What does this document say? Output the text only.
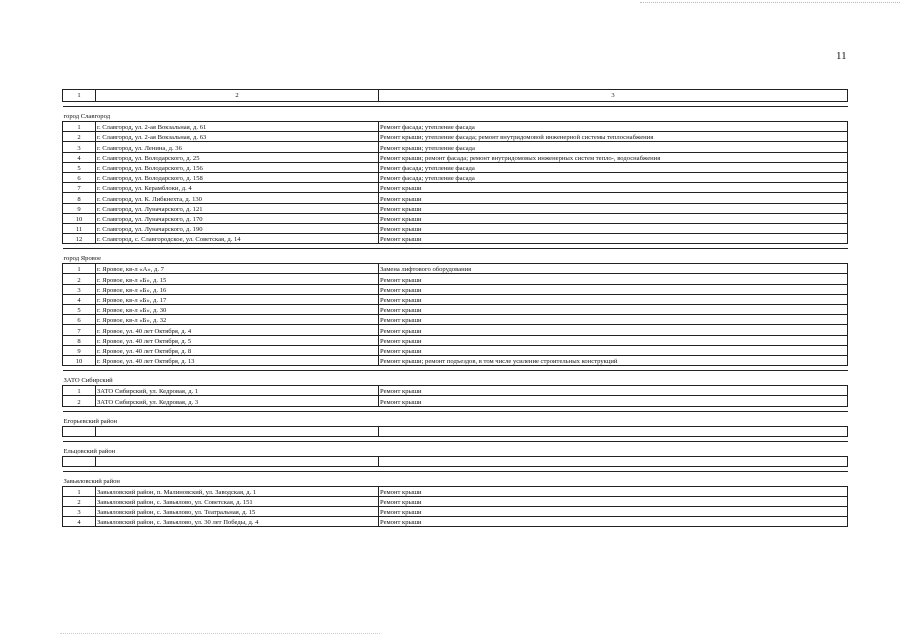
11
1	2	3

город Славгород		
1	г. Славгород, ул. 2-ая Вокзальная, д. 61	Ремонт фасада; утепление фасада
2	г. Славгород, ул. 2-ая Вокзальная, д. 63	Ремонт крыши; утепление фасада; ремонт внутридомовой инженерной системы теплоснабжения
3	г. Славгород, ул. Ленина, д. 36	Ремонт крыши; утепление фасада
4	г. Славгород, ул. Володарского, д. 25	Ремонт крыши; ремонт фасада; ремонт внутридомовых инженерных систем тепло-, водоснабжения
5	г. Славгород, ул. Володарского, д. 156	Ремонт фасада; утепление фасада
6	г. Славгород, ул. Володарского, д. 158	Ремонт фасада; утепление фасада
7	г. Славгород, ул. Керамблоки, д. 4	Ремонт крыши
8	г. Славгород, ул. К. Либкнехта, д. 130	Ремонт крыши
9	г. Славгород, ул. Луначарского, д. 121	Ремонт крыши
10	г. Славгород, ул. Луначарского, д. 170	Ремонт крыши
11	г. Славгород, ул. Луначарского, д. 190	Ремонт крыши
12	г. Славгород, с. Славгородское, ул. Советская, д. 14	Ремонт крыши

город Яровое		
1	г. Яровое, кв-л «А», д. 7	Замена лифтового оборудования
2	г. Яровое, кв-л «Б», д. 15	Ремонт крыши
3	г. Яровое, кв-л «Б», д. 16	Ремонт крыши
4	г. Яровое, кв-л «Б», д. 17	Ремонт крыши
5	г. Яровое, кв-л «Б», д. 30	Ремонт крыши
6	г. Яровое, кв-л «Б», д. 32	Ремонт крыши
7	г. Яровое, ул. 40 лет Октября, д. 4	Ремонт крыши
8	г. Яровое, ул. 40 лет Октября, д. 5	Ремонт крыши
9	г. Яровое, ул. 40 лет Октября, д. 8	Ремонт крыши
10	г. Яровое, ул. 40 лет Октября, д. 13	Ремонт крыши; ремонт подъездов, в том числе усиление строительных конструкций

ЗАТО Сибирский		
1	ЗАТО Сибирский, ул. Кедровая, д. 1	Ремонт крыши
2	ЗАТО Сибирский, ул. Кедровая, д. 3	Ремонт крыши

Егорьевский район		

Ельцовский район		

Завьяловский район		
1	Завьяловский район, п. Малиновский, ул. Заводская, д. 1	Ремонт крыши
2	Завьяловский район, с. Завьялово, ул. Советская, д. 151	Ремонт крыши
3	Завьяловский район, с. Завьялово, ул. Театральная, д. 15	Ремонт крыши
4	Завьяловский район, с. Завьялово, ул. 30 лет Победы, д. 4	Ремонт крыши
